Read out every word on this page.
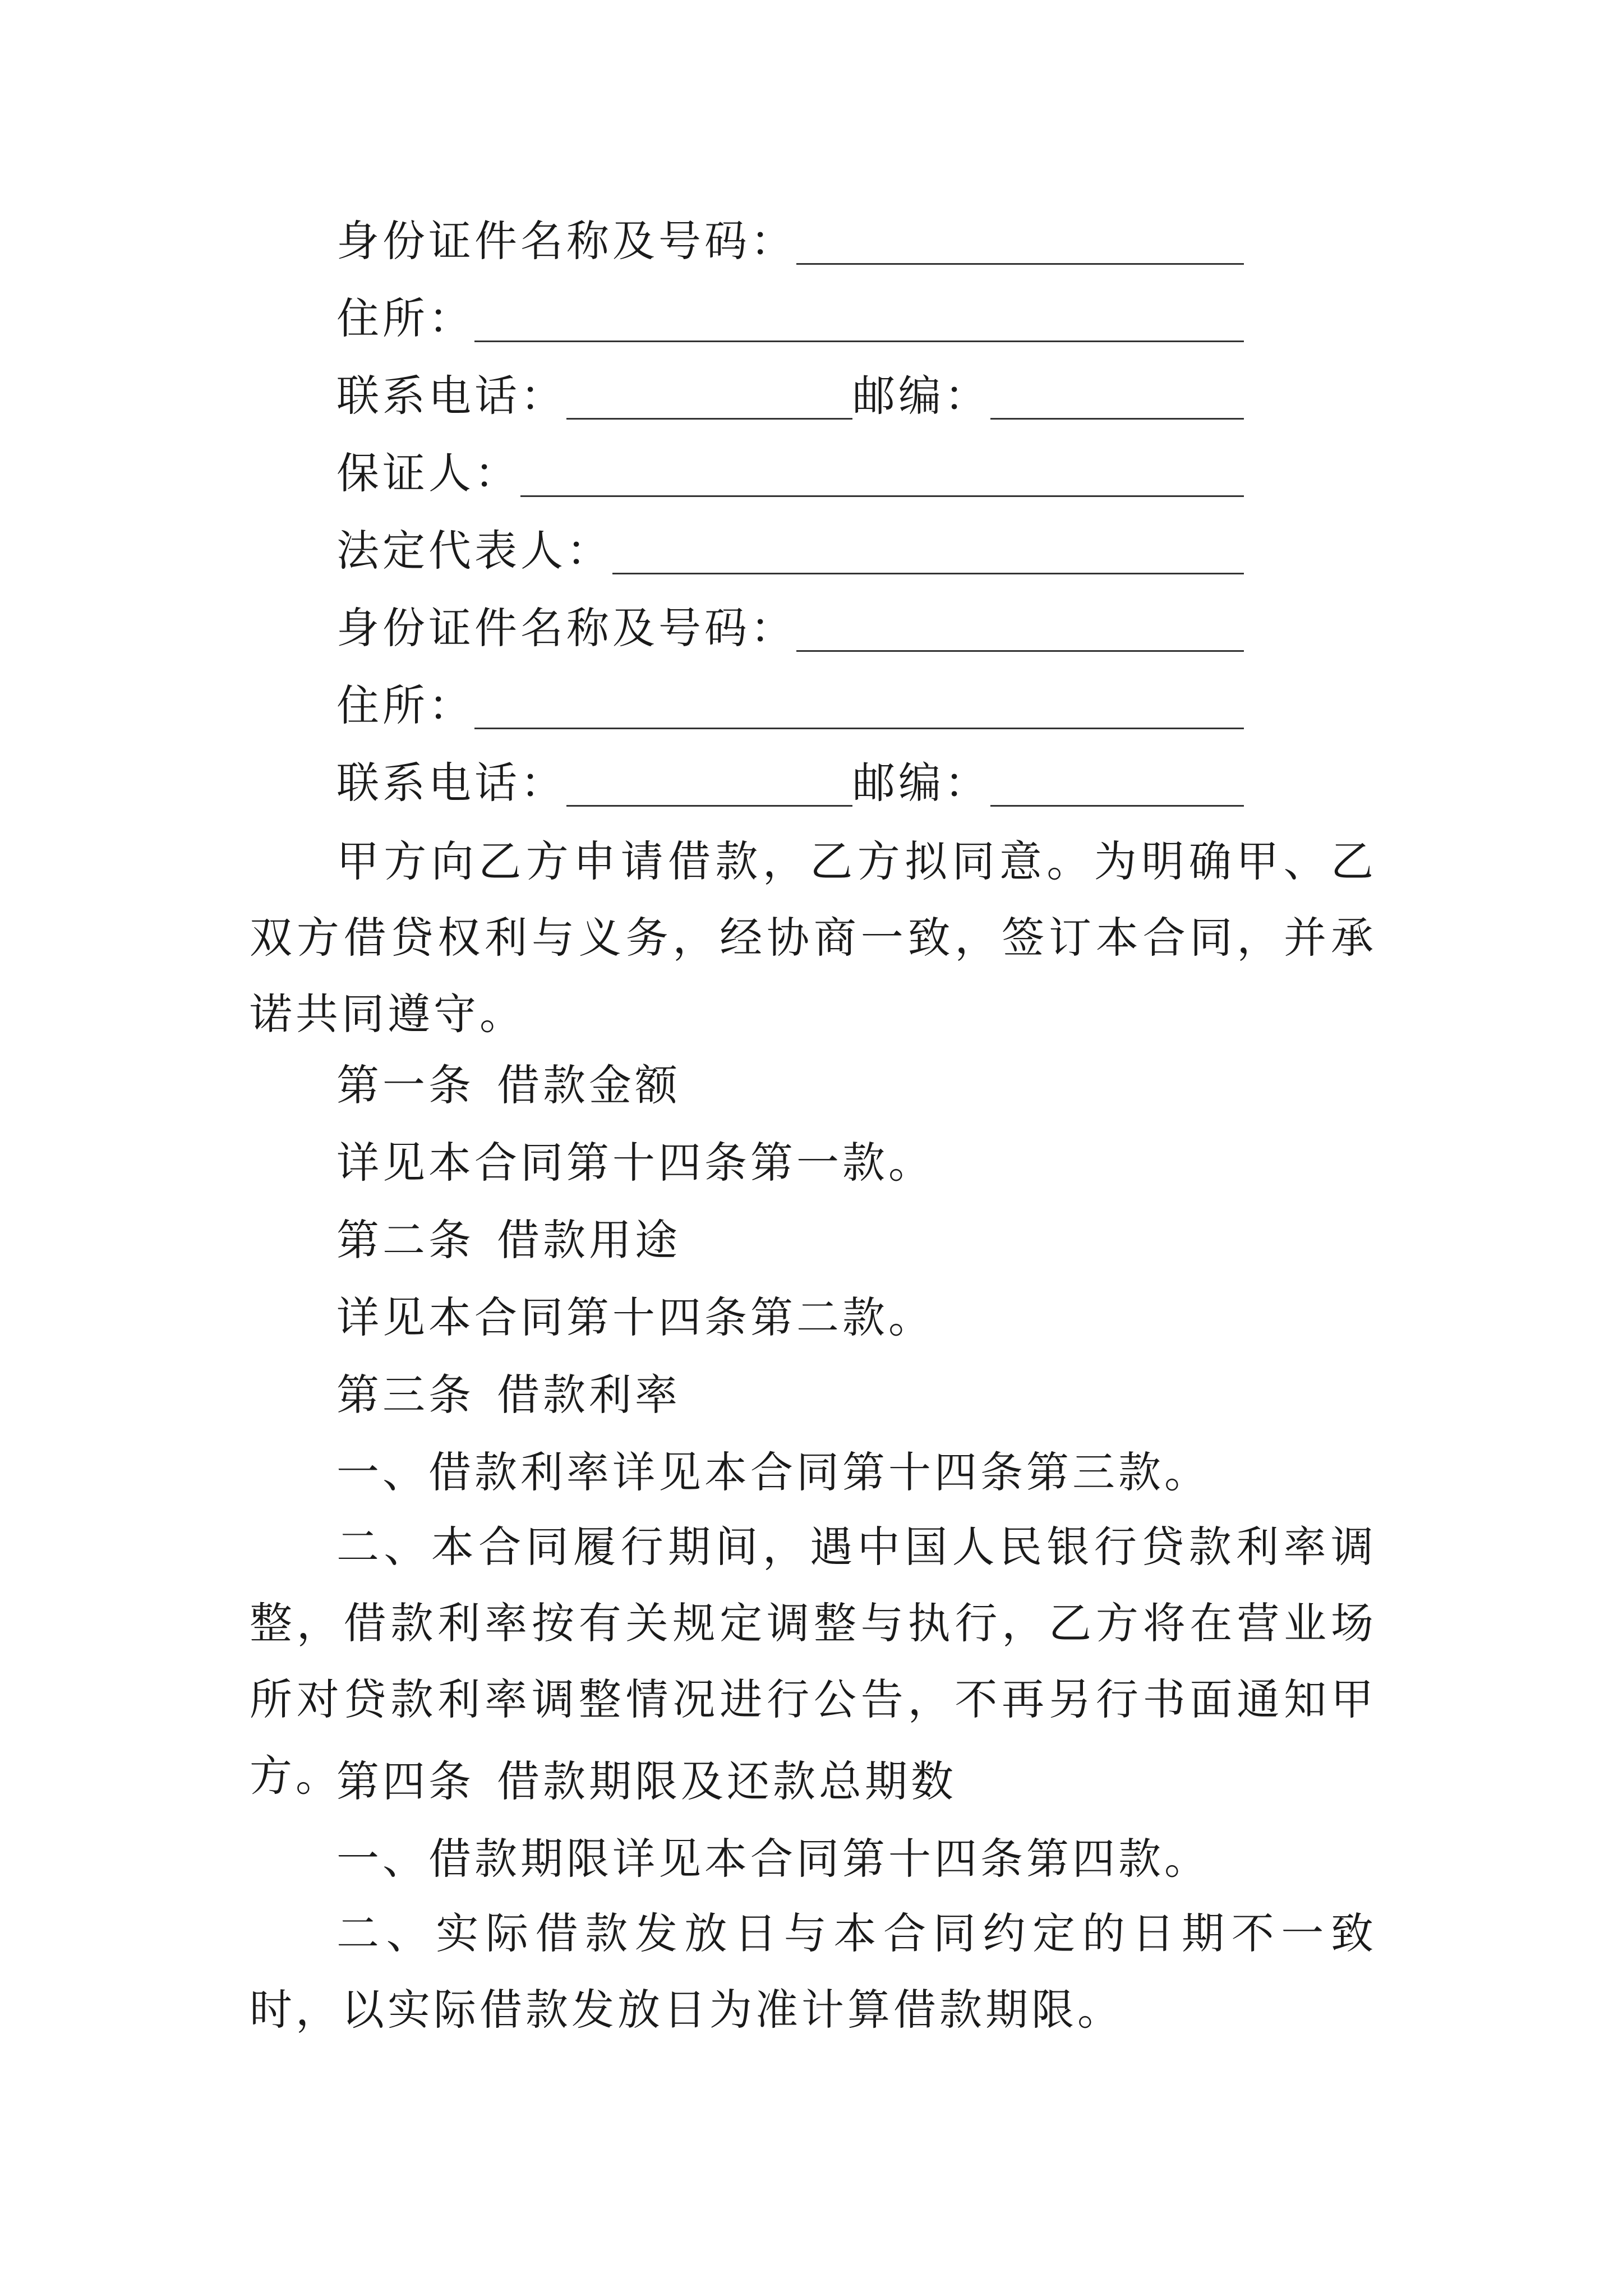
身份证件名称及号码：
住所：
联系电话：	邮编：
保证人：
法定代表人：
身份证件名称及号码：
住所：
联系电话：	邮编：
甲方向乙方申请借款，乙方拟同意。为明确甲、乙双方借贷权利与义务，经协商一致，签订本合同，并承诺共同遵守。
第一条 借款金额
详见本合同第十四条第一款。
第二条 借款用途
详见本合同第十四条第二款。
第三条 借款利率
一、借款利率详见本合同第十四条第三款。
二、本合同履行期间，遇中国人民银行贷款利率调整，借款利率按有关规定调整与执行，乙方将在营业场所对贷款利率调整情况进行公告，不再另行书面通知甲方。
第四条 借款期限及还款总期数
一、借款期限详见本合同第十四条第四款。
二、实际借款发放日与本合同约定的日期不一致时，以实际借款发放日为准计算借款期限。
